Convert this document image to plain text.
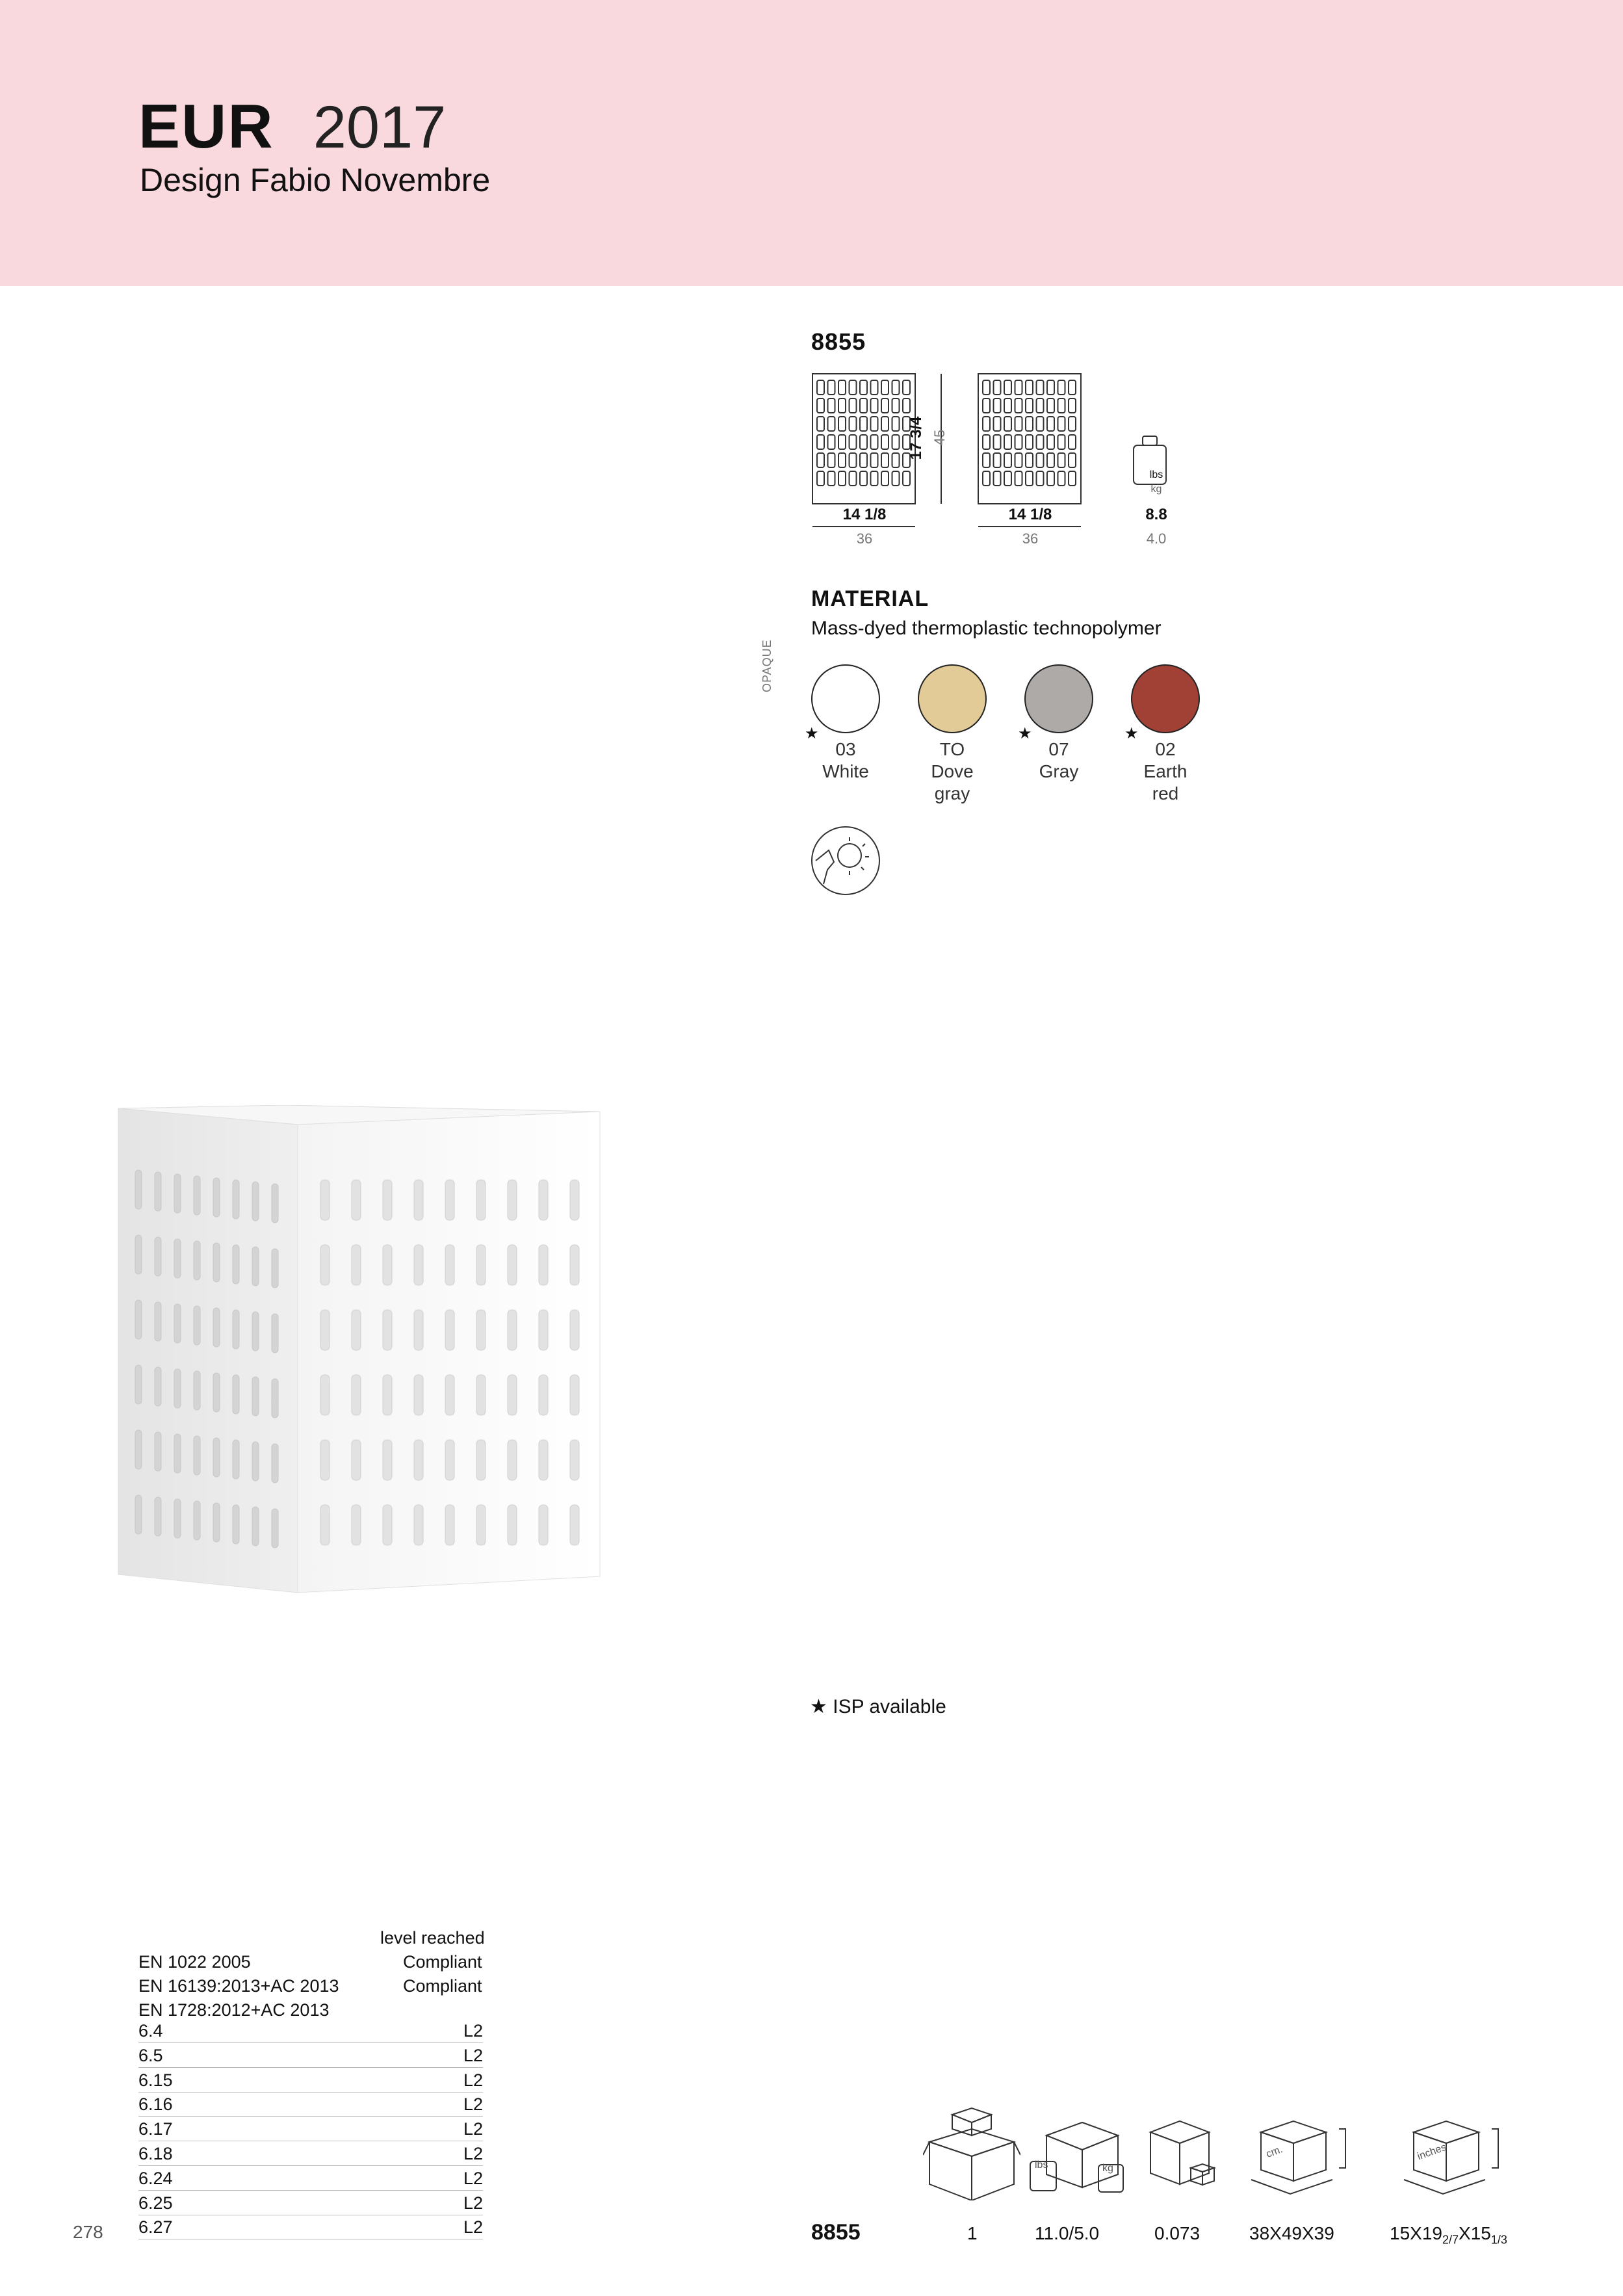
EUR 2017
Design Fabio Novembre
8855
14 1/8
36
14 1/8
36
17 3/4 45
lbs
kg
8.8
4.0
MATERIAL
Mass-dyed thermoplastic technopolymer
OPAQUE
★
03
White
TO
Dove
gray
★
07
Gray
★
02
Earth
red
★ ISP available
level reached
EN 1022 2005	Compliant
EN 16139:2013+AC 2013	Compliant
EN 1728:2012+AC 2013
6.4	L2
6.5	L2
6.15	L2
6.16	L2
6.17	L2
6.18	L2
6.24	L2
6.25	L2
6.27	L2
278
lbs	kg
cm.	inches
8855	1	11.0/5.0	0.073	38X49X39	$15X19_{2/7}X15_{1/3}$
